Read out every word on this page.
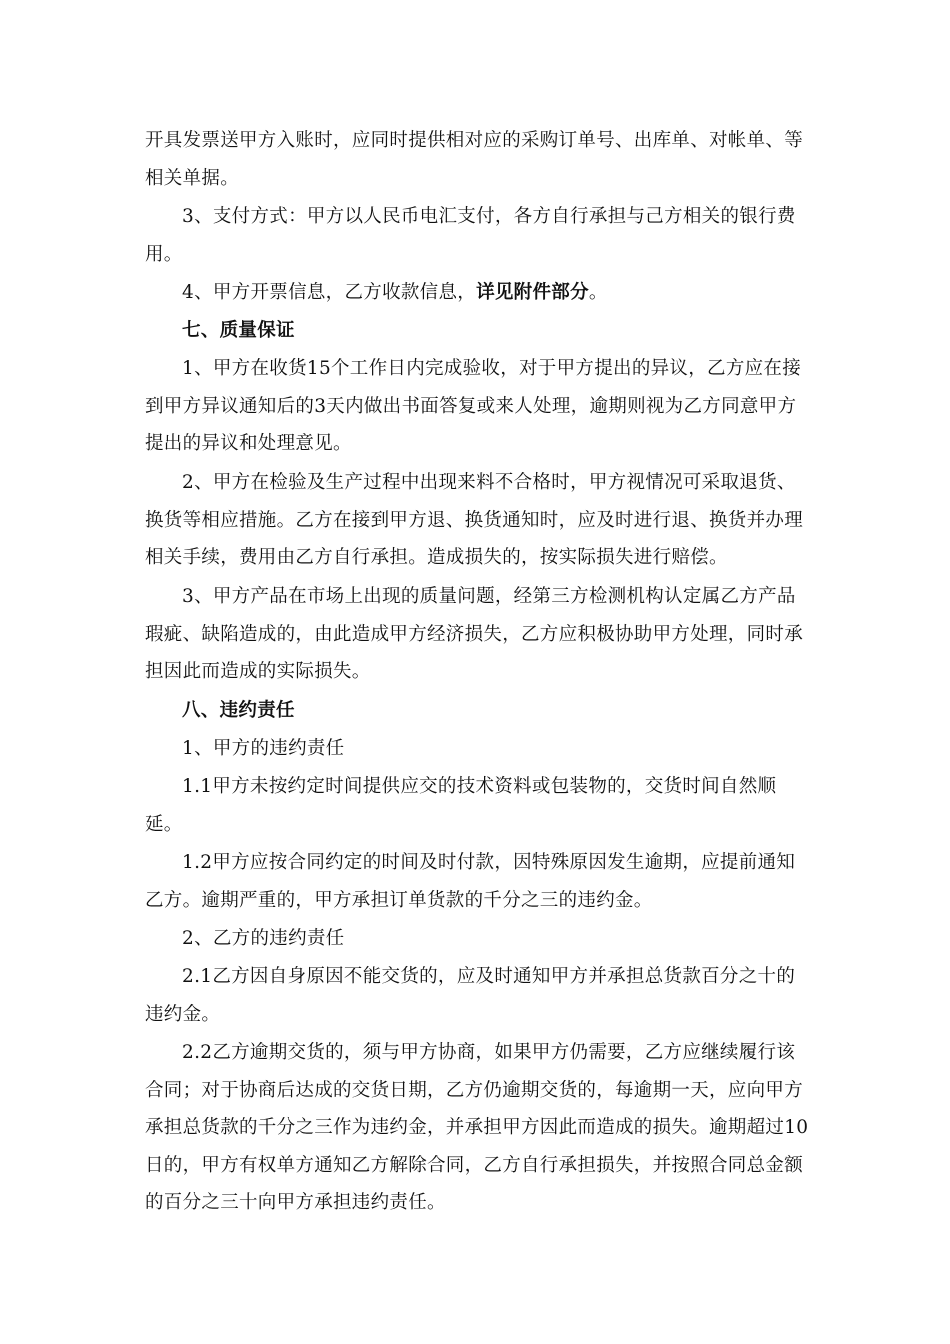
开具发票送甲方入账时，应同时提供相对应的采购订单号、出库单、对帐单、等相关单据。

3、支付方式：甲方以人民币电汇支付，各方自行承担与己方相关的银行费用。

4、甲方开票信息，乙方收款信息，详见附件部分。

七、质量保证

1、甲方在收货15个工作日内完成验收，对于甲方提出的异议，乙方应在接到甲方异议通知后的3天内做出书面答复或来人处理，逾期则视为乙方同意甲方提出的异议和处理意见。

2、甲方在检验及生产过程中出现来料不合格时，甲方视情况可采取退货、换货等相应措施。乙方在接到甲方退、换货通知时，应及时进行退、换货并办理相关手续，费用由乙方自行承担。造成损失的，按实际损失进行赔偿。

3、甲方产品在市场上出现的质量问题，经第三方检测机构认定属乙方产品瑕疵、缺陷造成的，由此造成甲方经济损失，乙方应积极协助甲方处理，同时承担因此而造成的实际损失。

八、违约责任

1、甲方的违约责任

1.1甲方未按约定时间提供应交的技术资料或包装物的，交货时间自然顺延。

1.2甲方应按合同约定的时间及时付款，因特殊原因发生逾期，应提前通知乙方。逾期严重的，甲方承担订单货款的千分之三的违约金。

2、乙方的违约责任

2.1乙方因自身原因不能交货的，应及时通知甲方并承担总货款百分之十的违约金。

2.2乙方逾期交货的，须与甲方协商，如果甲方仍需要，乙方应继续履行该合同；对于协商后达成的交货日期，乙方仍逾期交货的，每逾期一天，应向甲方承担总货款的千分之三作为违约金，并承担甲方因此而造成的损失。逾期超过10日的，甲方有权单方通知乙方解除合同，乙方自行承担损失，并按照合同总金额的百分之三十向甲方承担违约责任。
